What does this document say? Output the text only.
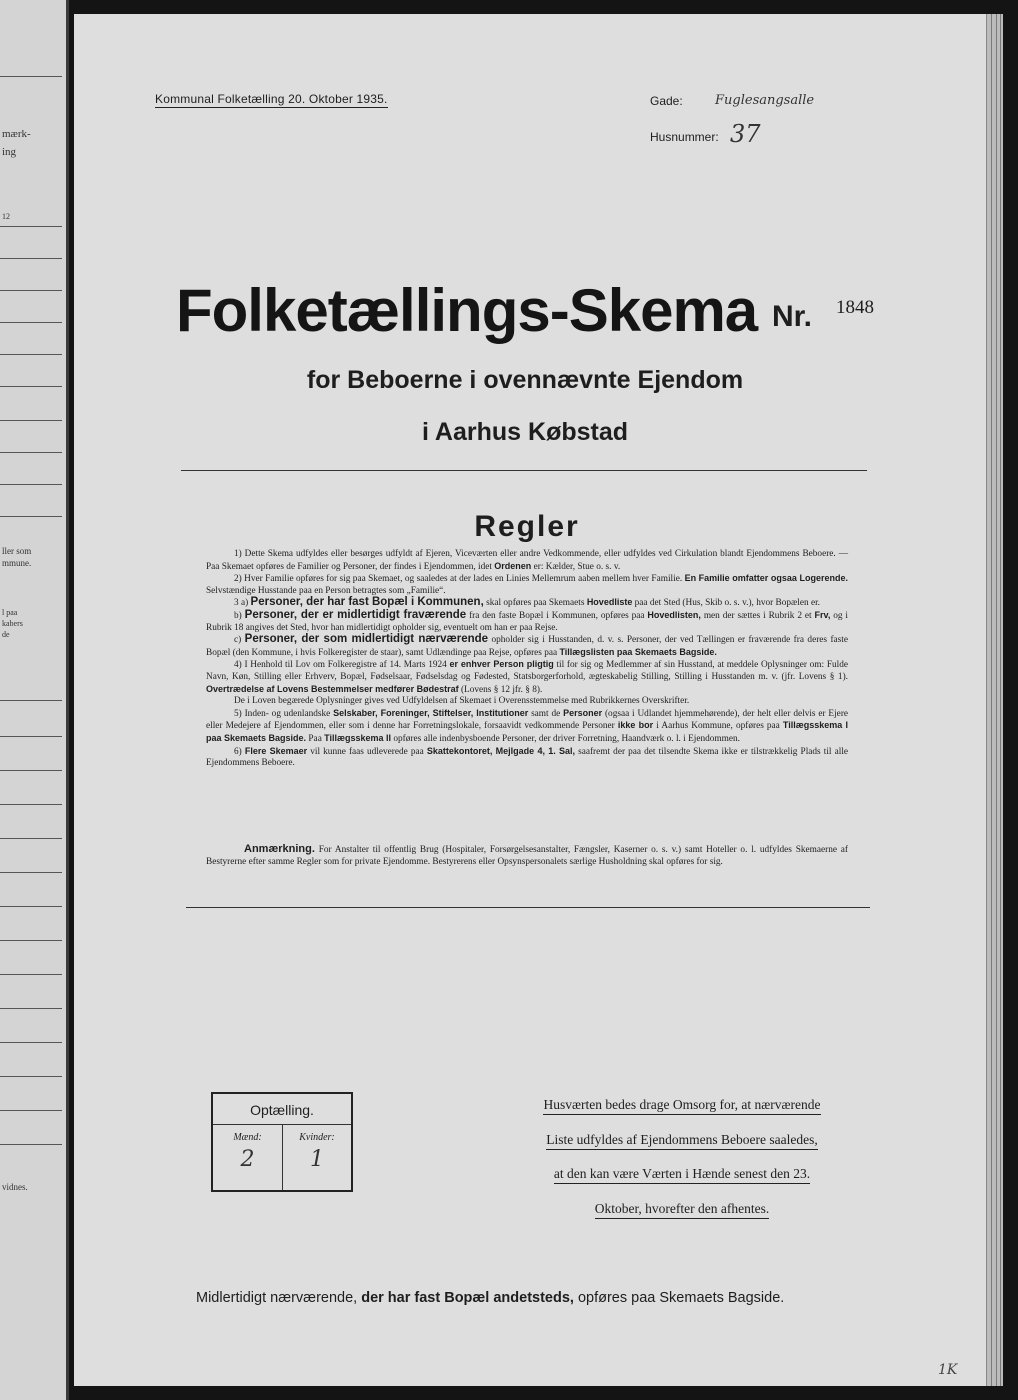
mærk-
ing
12
ller som
mmune.
l paa
kabers
de
vidnes.
Kommunal Folketælling 20. Oktober 1935.	Gade: Fuglesangsalle
Husnummer: 37
Folketællings-Skema Nr. 1848
for Beboerne i ovennævnte Ejendom
i Aarhus Købstad
Regler

1) Dette Skema udfyldes eller besørges udfyldt af Ejeren, Viceværten eller andre Vedkommende, eller udfyldes ved Cirkulation blandt Ejendommens Beboere. — Paa Skemaet opføres de Familier og Personer, der findes i Ejendommen, idet Ordenen er: Kælder, Stue o. s. v.

2) Hver Familie opføres for sig paa Skemaet, og saaledes at der lades en Linies Mellemrum aaben mellem hver Familie. En Familie omfatter ogsaa Logerende. Selvstændige Husstande paa en Person betragtes som „Familie“.

3 a) Personer, der har fast Bopæl i Kommunen, skal opføres paa Skemaets Hovedliste paa det Sted (Hus, Skib o. s. v.), hvor Bopælen er.

b) Personer, der er midlertidigt fraværende fra den faste Bopæl i Kommunen, opføres paa Hovedlisten, men der sættes i Rubrik 2 et Frv, og i Rubrik 18 angives det Sted, hvor han midlertidigt opholder sig, eventuelt om han er paa Rejse.

c) Personer, der som midlertidigt nærværende opholder sig i Husstanden, d. v. s. Personer, der ved Tællingen er fraværende fra deres faste Bopæl (den Kommune, i hvis Folkeregister de staar), samt Udlændinge paa Rejse, opføres paa Tillægslisten paa Skemaets Bagside.

4) I Henhold til Lov om Folkeregistre af 14. Marts 1924 er enhver Person pligtig til for sig og Medlemmer af sin Husstand, at meddele Oplysninger om: Fulde Navn, Køn, Stilling eller Erhverv, Bopæl, Fødselsaar, Fødselsdag og Fødested, Statsborgerforhold, ægteskabelig Stilling, Stilling i Husstanden m. v. (jfr. Lovens § 1). Overtrædelse af Lovens Bestemmelser medfører Bødestraf (Lovens § 12 jfr. § 8).

De i Loven begærede Oplysninger gives ved Udfyldelsen af Skemaet i Overensstemmelse med Rubrikkernes Overskrifter.

5) Inden- og udenlandske Selskaber, Foreninger, Stiftelser, Institutioner samt de Personer (ogsaa i Udlandet hjemmehørende), der helt eller delvis er Ejere eller Medejere af Ejendommen, eller som i denne har Forretningslokale, forsaavidt vedkommende Personer ikke bor i Aarhus Kommune, opføres paa Tillægsskema I paa Skemaets Bagside. Paa Tillægsskema II opføres alle indenbysboende Personer, der driver Forretning, Haandværk o. l. i Ejendommen.

6) Flere Skemaer vil kunne faas udleverede paa Skattekontoret, Mejlgade 4, 1. Sal, saafremt der paa det tilsendte Skema ikke er tilstrækkelig Plads til alle Ejendommens Beboere.

Anmærkning. For Anstalter til offentlig Brug (Hospitaler, Forsørgelsesanstalter, Fængsler, Kaserner o. s. v.) samt Hoteller o. l. udfyldes Skemaerne af Bestyrerne efter samme Regler som for private Ejendomme. Bestyrerens eller Opsynspersonalets særlige Husholdning skal opføres for sig.

Optælling.
Mænd:
2
Kvinder:
1
Husværten bedes drage Omsorg for, at nærværende
Liste udfyldes af Ejendommens Beboere saaledes,
at den kan være Værten i Hænde senest den 23.
Oktober, hvorefter den afhentes.
Midlertidigt nærværende, der har fast Bopæl andetsteds, opføres paa Skemaets Bagside.
1K
